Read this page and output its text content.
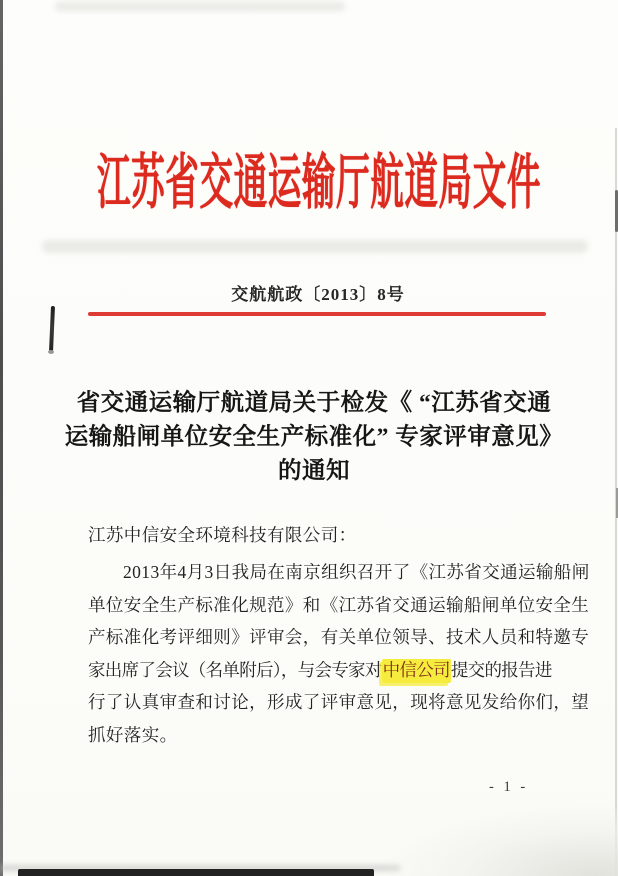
江苏省交通运输厅航道局文件
交航航政〔2013〕8号
省交通运输厅航道局关于检发《 “江苏省交通
运输船闸单位安全生产标准化” 专家评审意见》
的通知
江苏中信安全环境科技有限公司：
2013年4月3日我局在南京组织召开了《江苏省交通运输船闸
单位安全生产标准化规范》和《江苏省交通运输船闸单位安全生
产标准化考评细则》评审会，有关单位领导、技术人员和特邀专
家出席了会议（名单附后），与会专家对中信公司提交的报告进
行了认真审查和讨论，形成了评审意见，现将意见发给你们，望
抓好落实。
- 1 -
